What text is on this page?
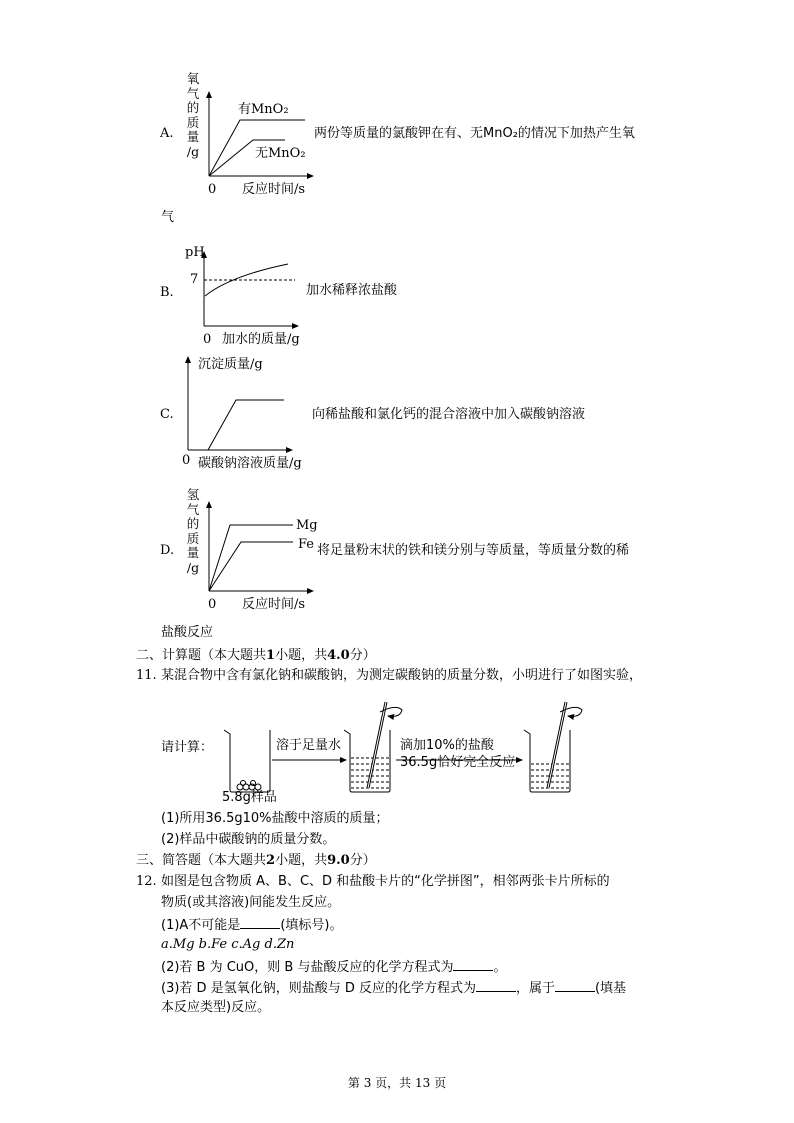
A.
氧
气
的
质
量
/g
0 反应时间/s
有MnO₂
无MnO₂
两份等质量的氯酸钾在有、无MnO₂的情况下加热产生氧
气
B.
pH
7
0 加水的质量/g
加水稀释浓盐酸
C.
沉淀质量/g
0 碳酸钠溶液质量/g
向稀盐酸和氯化钙的混合溶液中加入碳酸钠溶液
D.
氢
气
的
质
量
/g
0 反应时间/s
Mg
Fe 将足量粉末状的铁和镁分别与等质量，等质量分数的稀
盐酸反应
二、计算题（本大题共1小题，共4.0分）
11. 某混合物中含有氯化钠和碳酸钠，为测定碳酸钠的质量分数，小明进行了如图实验，
请计算：	溶于足量水	滴加10%的盐酸
36.5g恰好完全反应
5.8g样品
(1)所用36.5g10%盐酸中溶质的质量；
(2)样品中碳酸钠的质量分数。
三、简答题（本大题共2小题，共9.0分）
12. 如图是包含物质 A、B、C、D 和盐酸卡片的“化学拼图”，相邻两张卡片所标的
物质(或其溶液)间能发生反应。
(1)A不可能是	(填标号)。
a.Mg b.Fe c.Ag d.Zn
(2)若 B 为 CuO，则 B 与盐酸反应的化学方程式为	。
(3)若 D 是氢氧化钠，则盐酸与 D 反应的化学方程式为	，属于	(填基
本反应类型)反应。
第 3 页，共 13 页
